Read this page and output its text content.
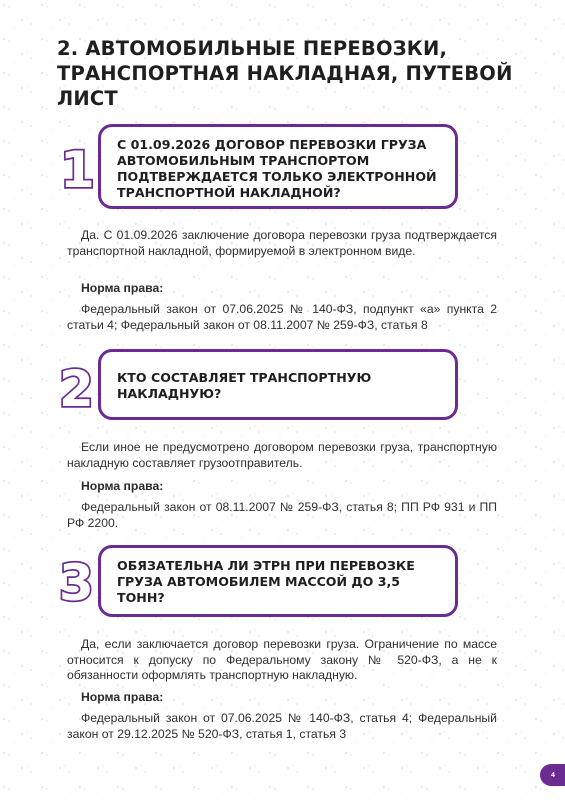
2. АВТОМОБИЛЬНЫЕ ПЕРЕВОЗКИ, ТРАНСПОРТНАЯ НАКЛАДНАЯ, ПУТЕВОЙ ЛИСТ
1 С 01.09.2026 ДОГОВОР ПЕРЕВОЗКИ ГРУЗА АВТОМОБИЛЬНЫМ ТРАНСПОРТОМ ПОДТВЕРЖДАЕТСЯ ТОЛЬКО ЭЛЕКТРОННОЙ ТРАНСПОРТНОЙ НАКЛАДНОЙ?

Да. С 01.09.2026 заключение договора перевозки груза подтверждается транспортной накладной, формируемой в электронном виде.

Норма права:

Федеральный закон от 07.06.2025 № 140-ФЗ, подпункт «а» пункта 2 статьи 4; Федеральный закон от 08.11.2007 № 259-ФЗ, статья 8

2 КТО СОСТАВЛЯЕТ ТРАНСПОРТНУЮ НАКЛАДНУЮ?

Если иное не предусмотрено договором перевозки груза, транспортную накладную составляет грузоотправитель.

Норма права:

Федеральный закон от 08.11.2007 № 259-ФЗ, статья 8; ПП РФ 931 и ПП РФ 2200.

3 ОБЯЗАТЕЛЬНА ЛИ ЭТРН ПРИ ПЕРЕВОЗКЕ ГРУЗА АВТОМОБИЛЕМ МАССОЙ ДО 3,5 ТОНН?

Да, если заключается договор перевозки груза. Ограничение по массе относится к допуску по Федеральному закону № 520-ФЗ, а не к обязанности оформлять транспортную накладную.

Норма права:

Федеральный закон от 07.06.2025 № 140-ФЗ, статья 4; Федеральный закон от 29.12.2025 № 520-ФЗ, статья 1, статья 3

4
